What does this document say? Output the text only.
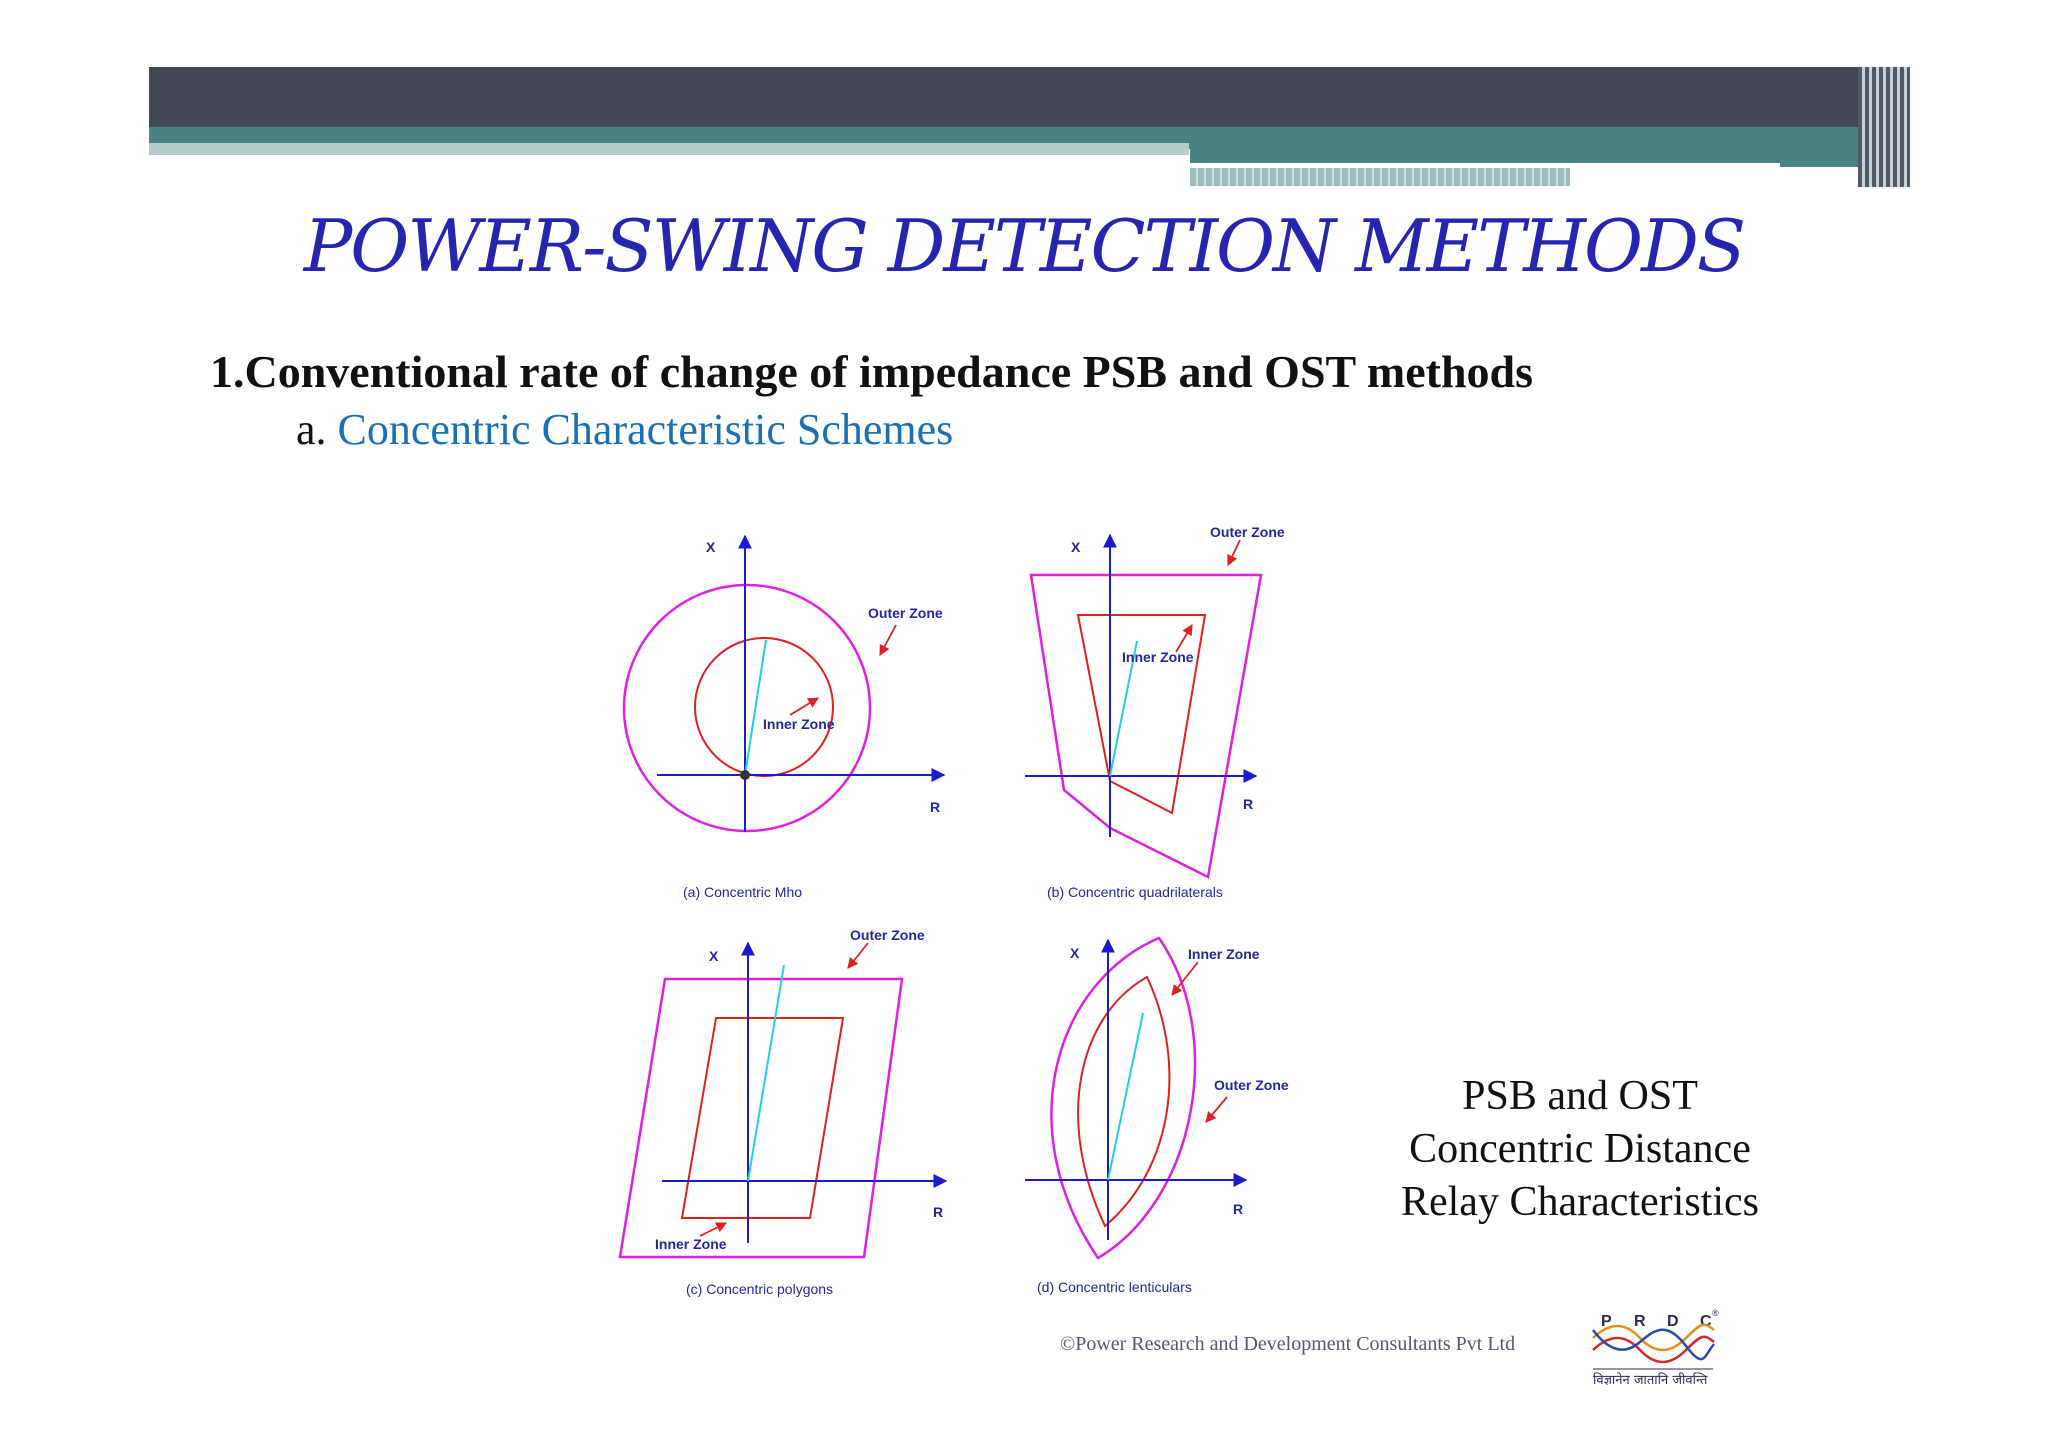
POWER-SWING DETECTION METHODS
1.Conventional rate of change of impedance PSB and OST methods
a. Concentric Characteristic Schemes
X
R
Outer Zone
Inner Zone
(a) Concentric Mho
X
R
Outer Zone
Inner Zone
(b) Concentric quadrilaterals
X
R
Outer Zone
Inner Zone
(c) Concentric polygons
X
R
Inner Zone
Outer Zone
(d) Concentric lenticulars
P R D C ®
विज्ञानेन जातानि जीवन्ति
PSB and OST
Concentric Distance
Relay Characteristics
©Power Research and Development Consultants Pvt Ltd
